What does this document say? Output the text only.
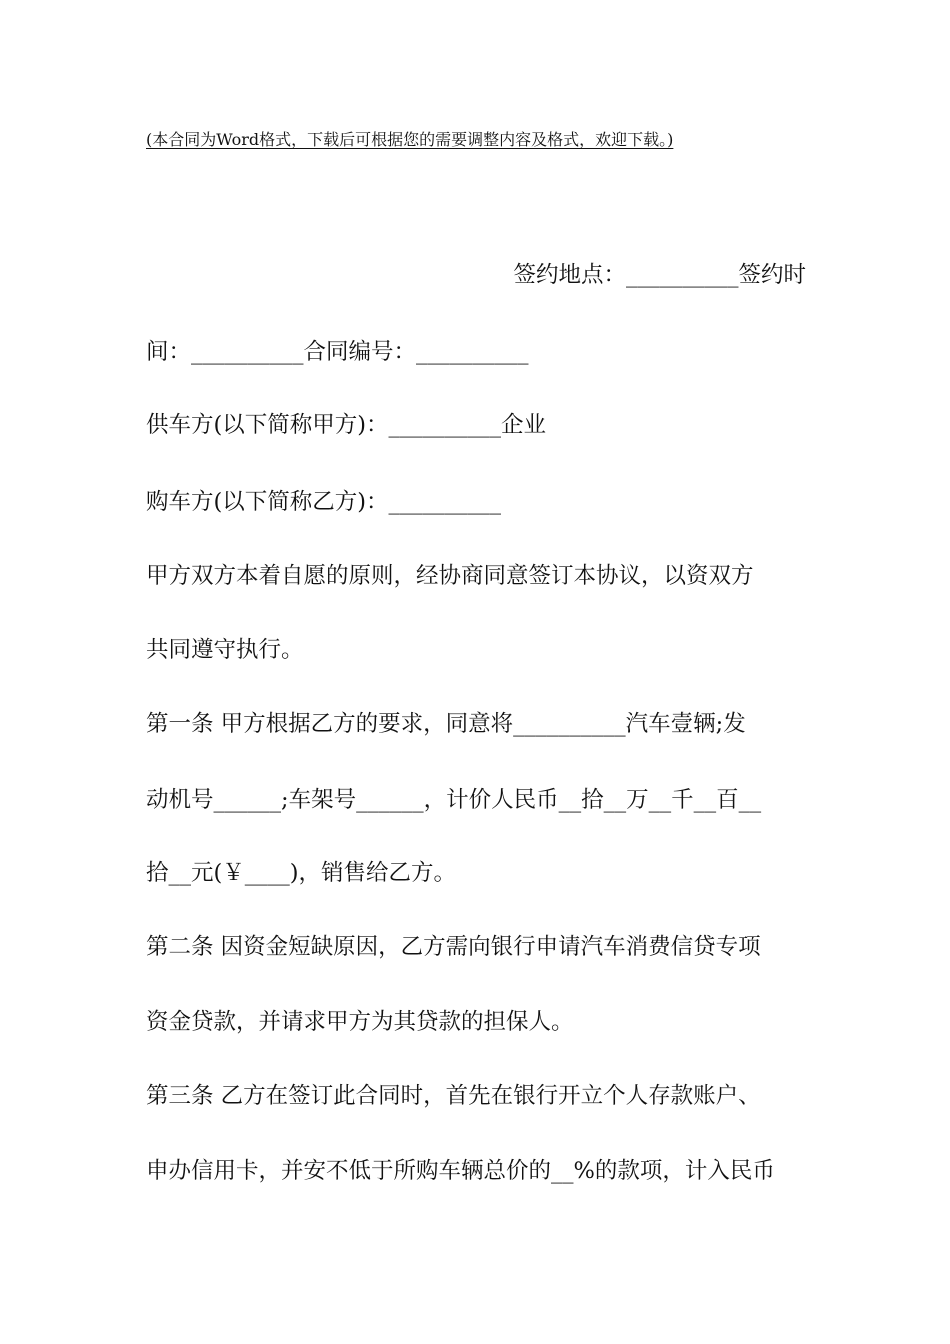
(本合同为Word格式，下载后可根据您的需要调整内容及格式，欢迎下载。)
签约地点：__________签约时
间：__________合同编号：__________
供车方(以下简称甲方)：__________企业
购车方(以下简称乙方)：__________
甲方双方本着自愿的原则，经协商同意签订本协议，以资双方
共同遵守执行。
第一条 甲方根据乙方的要求，同意将__________汽车壹辆;发
动机号______;车架号______，计价人民币__拾__万__千__百__
拾__元(￥____)，销售给乙方。
第二条 因资金短缺原因，乙方需向银行申请汽车消费信贷专项
资金贷款，并请求甲方为其贷款的担保人。
第三条 乙方在签订此合同时，首先在银行开立个人存款账户、
申办信用卡，并安不低于所购车辆总价的__%的款项，计入民币
